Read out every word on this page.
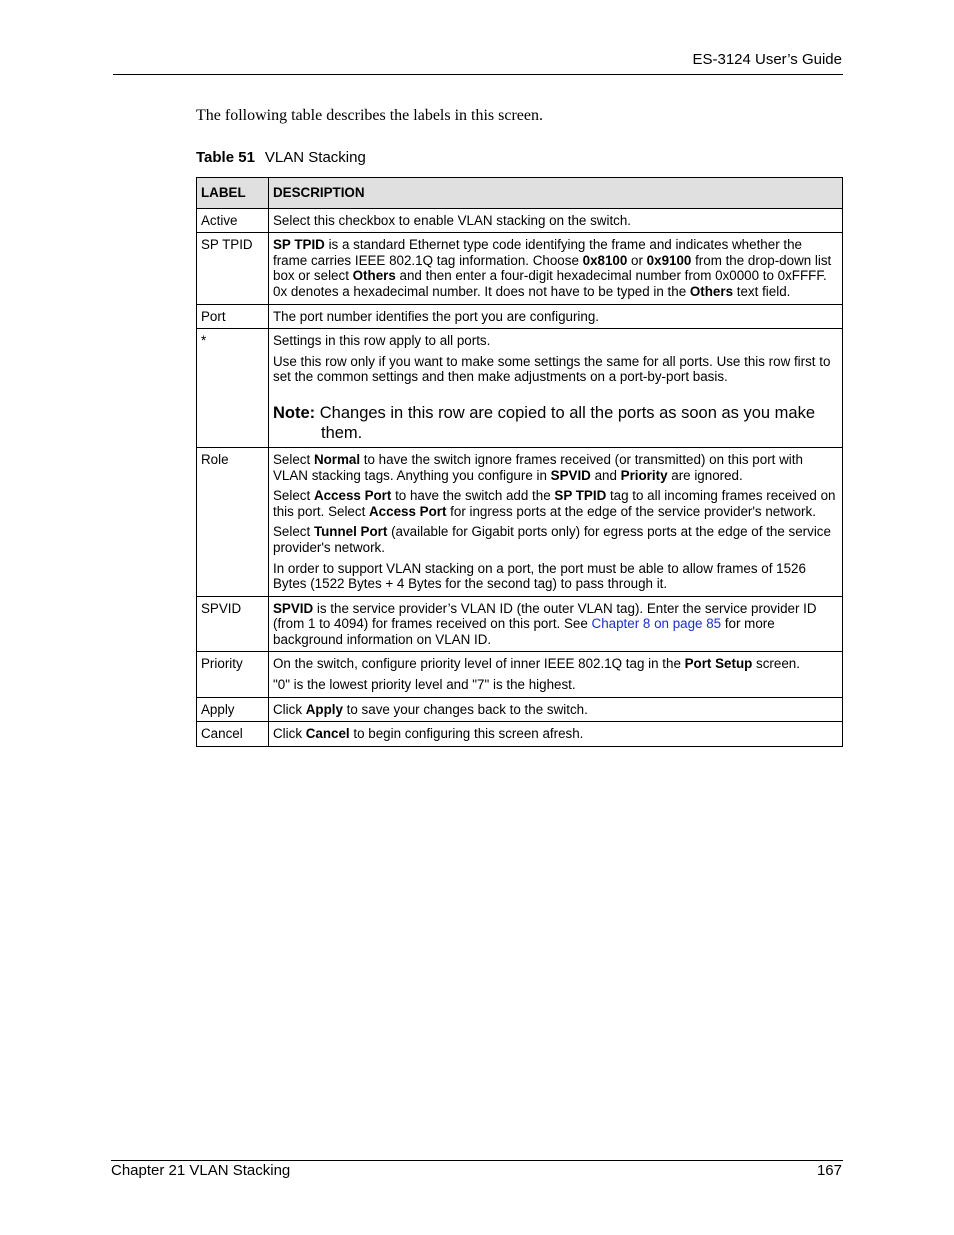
ES-3124 User’s Guide
The following table describes the labels in this screen.
Table 51 VLAN Stacking
LABEL	DESCRIPTION
Active	Select this checkbox to enable VLAN stacking on the switch.
SP TPID	SP TPID is a standard Ethernet type code identifying the frame and indicates whether the frame carries IEEE 802.1Q tag information. Choose 0x8100 or 0x9100 from the drop-down list box or select Others and then enter a four-digit hexadecimal number from 0x0000 to 0xFFFF. 0x denotes a hexadecimal number. It does not have to be typed in the Others text field.
Port	The port number identifies the port you are configuring.
*	Settings in this row apply to all ports.

Use this row only if you want to make some settings the same for all ports. Use this row first to set the common settings and then make adjustments on a port-by-port basis.

Note: Changes in this row are copied to all the ports as soon as you make them.

Role	Select Normal to have the switch ignore frames received (or transmitted) on this port with VLAN stacking tags. Anything you configure in SPVID and Priority are ignored.

Select Access Port to have the switch add the SP TPID tag to all incoming frames received on this port. Select Access Port for ingress ports at the edge of the service provider's network.

Select Tunnel Port (available for Gigabit ports only) for egress ports at the edge of the service provider's network.

In order to support VLAN stacking on a port, the port must be able to allow frames of 1526 Bytes (1522 Bytes + 4 Bytes for the second tag) to pass through it.

SPVID	SPVID is the service provider’s VLAN ID (the outer VLAN tag). Enter the service provider ID (from 1 to 4094) for frames received on this port. See Chapter 8 on page 85 for more background information on VLAN ID.
Priority	On the switch, configure priority level of inner IEEE 802.1Q tag in the Port Setup screen.

"0" is the lowest priority level and "7" is the highest.

Apply	Click Apply to save your changes back to the switch.
Cancel	Click Cancel to begin configuring this screen afresh.
Chapter 21 VLAN Stacking	167
